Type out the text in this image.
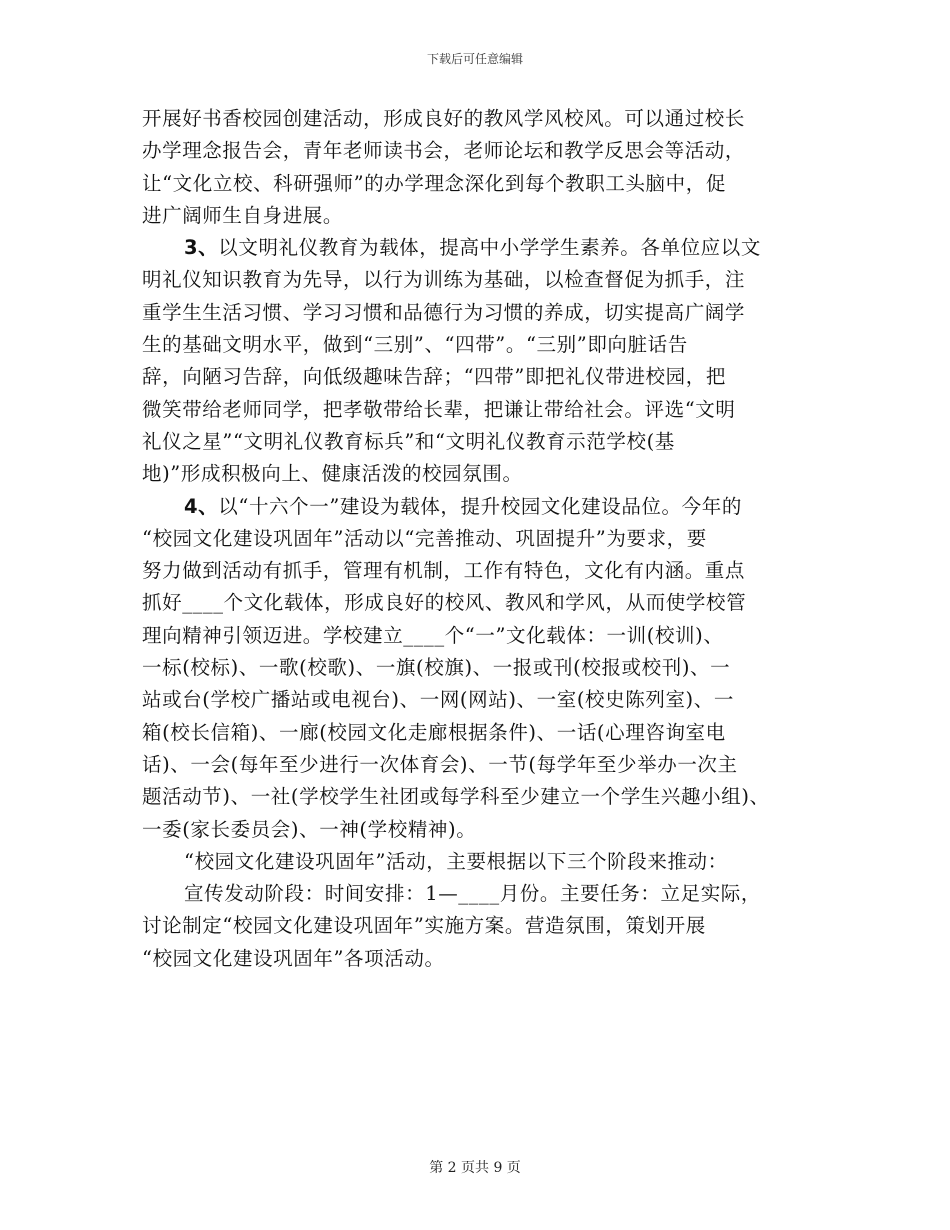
下载后可任意编辑
开展好书香校园创建活动，形成良好的教风学风校风。可以通过校长
办学理念报告会，青年老师读书会，老师论坛和教学反思会等活动，
让“文化立校、科研强师”的办学理念深化到每个教职工头脑中，促
进广阔师生自身进展。
3、以文明礼仪教育为载体，提高中小学学生素养。各单位应以文
明礼仪知识教育为先导，以行为训练为基础，以检查督促为抓手，注
重学生生活习惯、学习习惯和品德行为习惯的养成，切实提高广阔学
生的基础文明水平，做到“三别”、“四带”。“三别”即向脏话告
辞，向陋习告辞，向低级趣味告辞；“四带”即把礼仪带进校园，把
微笑带给老师同学，把孝敬带给长辈，把谦让带给社会。评选“文明
礼仪之星”“文明礼仪教育标兵”和“文明礼仪教育示范学校(基
地)”形成积极向上、健康活泼的校园氛围。
4、以“十六个一”建设为载体，提升校园文化建设品位。今年的
“校园文化建设巩固年”活动以“完善推动、巩固提升”为要求，要
努力做到活动有抓手，管理有机制，工作有特色，文化有内涵。重点
抓好____个文化载体，形成良好的校风、教风和学风，从而使学校管
理向精神引领迈进。学校建立____个“一”文化载体：一训(校训)、
一标(校标)、一歌(校歌)、一旗(校旗)、一报或刊(校报或校刊)、一
站或台(学校广播站或电视台)、一网(网站)、一室(校史陈列室)、一
箱(校长信箱)、一廊(校园文化走廊根据条件)、一话(心理咨询室电
话)、一会(每年至少进行一次体育会)、一节(每学年至少举办一次主
题活动节)、一社(学校学生社团或每学科至少建立一个学生兴趣小组)、
一委(家长委员会)、一神(学校精神)。
“校园文化建设巩固年”活动，主要根据以下三个阶段来推动：
宣传发动阶段：时间安排：1—____月份。主要任务：立足实际，
讨论制定“校园文化建设巩固年”实施方案。营造氛围，策划开展
“校园文化建设巩固年”各项活动。
第 2 页共 9 页
